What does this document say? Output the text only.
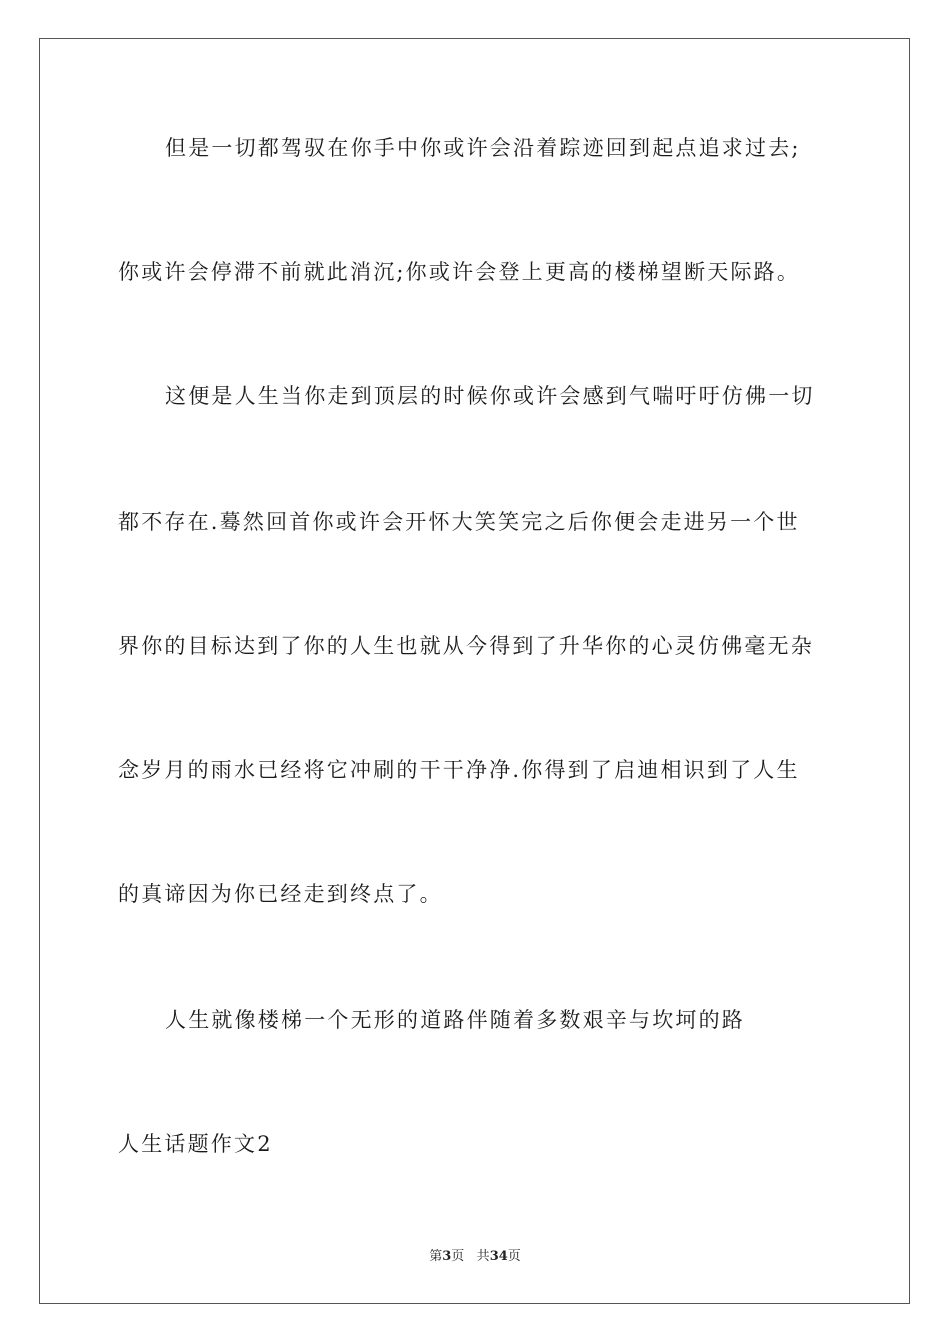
但是一切都驾驭在你手中你或许会沿着踪迹回到起点追求过去;
你或许会停滞不前就此消沉;你或许会登上更高的楼梯望断天际路。
这便是人生当你走到顶层的时候你或许会感到气喘吁吁仿佛一切
都不存在.蓦然回首你或许会开怀大笑笑完之后你便会走进另一个世
界你的目标达到了你的人生也就从今得到了升华你的心灵仿佛毫无杂
念岁月的雨水已经将它冲刷的干干净净.你得到了启迪相识到了人生
的真谛因为你已经走到终点了。
人生就像楼梯一个无形的道路伴随着多数艰辛与坎坷的路
人生话题作文2
第3页 共34页
